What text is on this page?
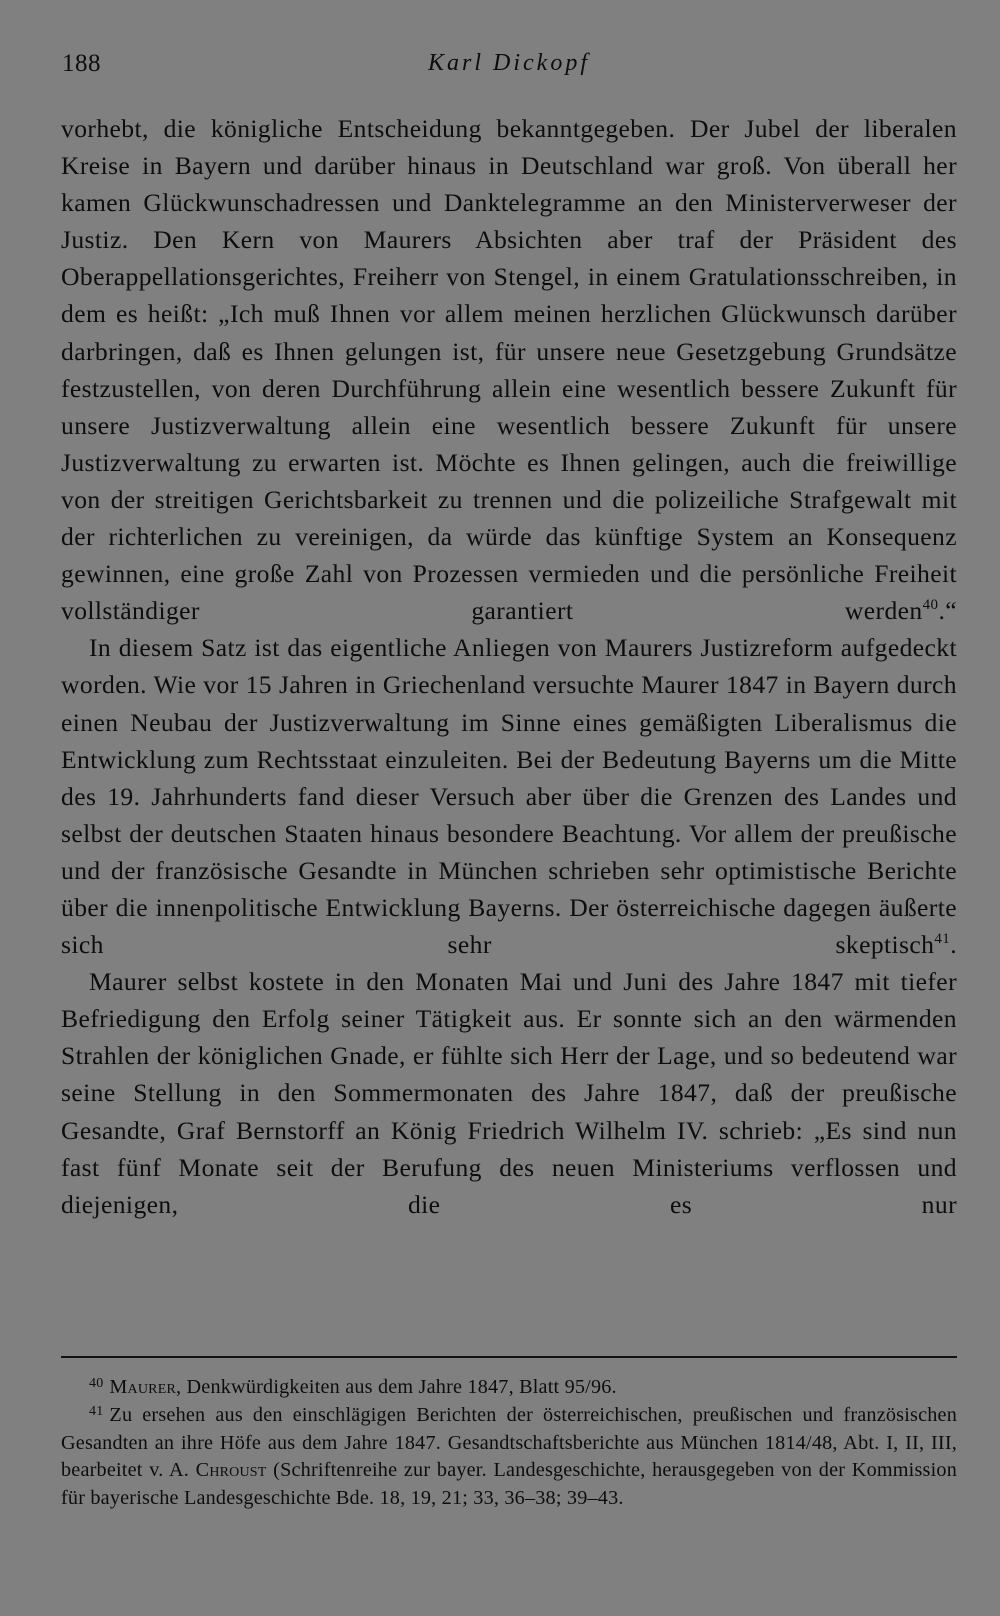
188	Karl Dickopf

vorhebt, die königliche Entscheidung bekanntgegeben. Der Jubel der liberalen Kreise in Bayern und darüber hinaus in Deutschland war groß. Von überall her kamen Glückwunschadressen und Danktelegramme an den Ministerverweser der Justiz. Den Kern von Maurers Absichten aber traf der Präsident des Oberappellationsgerichtes, Freiherr von Stengel, in einem Gratulationsschreiben, in dem es heißt: „Ich muß Ihnen vor allem meinen herzlichen Glückwunsch darüber darbringen, daß es Ihnen gelungen ist, für unsere neue Gesetzgebung Grundsätze festzustellen, von deren Durchführung allein eine wesentlich bessere Zukunft für unsere Justizverwaltung allein eine wesentlich bessere Zukunft für unsere Justizverwaltung zu erwarten ist. Möchte es Ihnen gelingen, auch die freiwillige von der streitigen Gerichtsbarkeit zu trennen und die polizeiliche Strafgewalt mit der richterlichen zu vereinigen, da würde das künftige System an Konsequenz gewinnen, eine große Zahl von Prozessen vermieden und die persönliche Freiheit vollständiger garantiert werden$^{40}$.“

In diesem Satz ist das eigentliche Anliegen von Maurers Justizreform aufgedeckt worden. Wie vor 15 Jahren in Griechenland versuchte Maurer 1847 in Bayern durch einen Neubau der Justizverwaltung im Sinne eines gemäßigten Liberalismus die Entwicklung zum Rechtsstaat einzuleiten. Bei der Bedeutung Bayerns um die Mitte des 19. Jahrhunderts fand dieser Versuch aber über die Grenzen des Landes und selbst der deutschen Staaten hinaus besondere Beachtung. Vor allem der preußische und der französische Gesandte in München schrieben sehr optimistische Berichte über die innenpolitische Entwicklung Bayerns. Der österreichische dagegen äußerte sich sehr skeptisch$^{41}$.

Maurer selbst kostete in den Monaten Mai und Juni des Jahre 1847 mit tiefer Befriedigung den Erfolg seiner Tätigkeit aus. Er sonnte sich an den wärmenden Strahlen der königlichen Gnade, er fühlte sich Herr der Lage, und so bedeutend war seine Stellung in den Sommermonaten des Jahre 1847, daß der preußische Gesandte, Graf Bernstorff an König Friedrich Wilhelm IV. schrieb: „Es sind nun fast fünf Monate seit der Berufung des neuen Ministeriums verflossen und diejenigen, die es nur

$^{40}$ Maurer, Denkwürdigkeiten aus dem Jahre 1847, Blatt 95/96.

$^{41}$ Zu ersehen aus den einschlägigen Berichten der österreichischen, preußischen und französischen Gesandten an ihre Höfe aus dem Jahre 1847. Gesandtschaftsberichte aus München 1814/48, Abt. I, II, III, bearbeitet v. A. Chroust (Schriftenreihe zur bayer. Landesgeschichte, herausgegeben von der Kommission für bayerische Landesgeschichte Bde. 18, 19, 21; 33, 36–38; 39–43.
